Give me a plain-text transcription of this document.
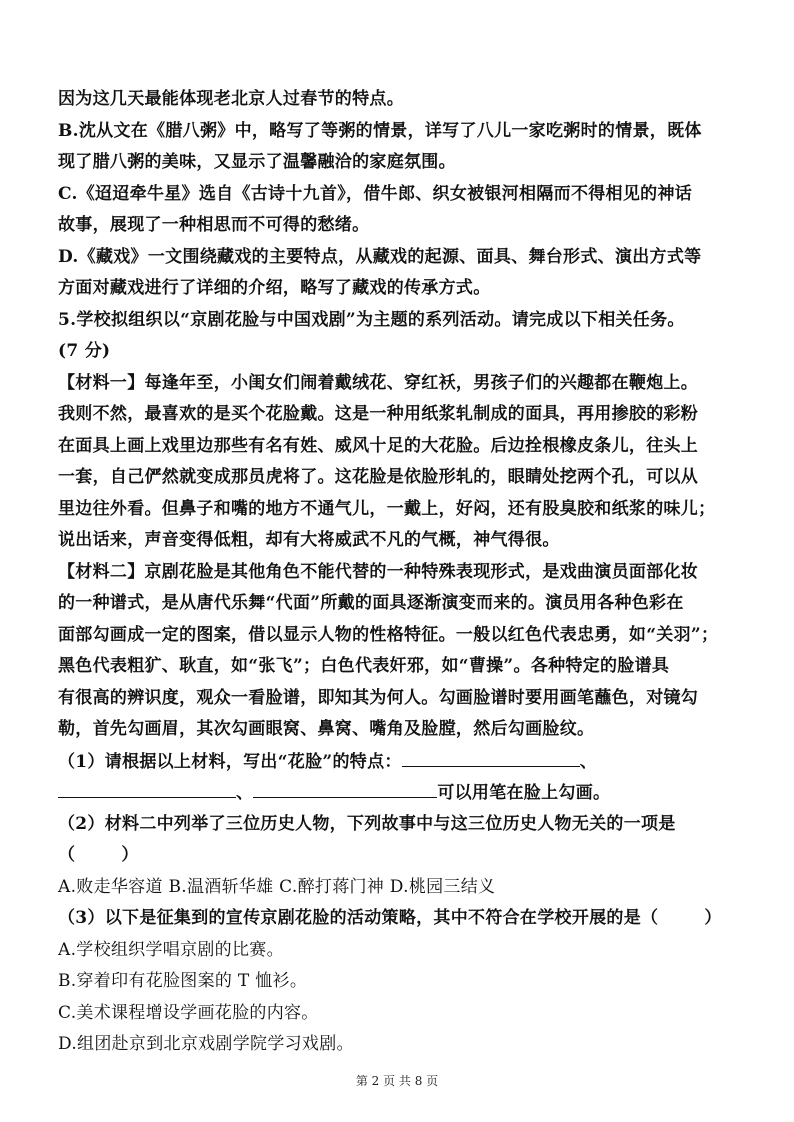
因为这几天最能体现老北京人过春节的特点。
B.沈从文在《腊八粥》中，略写了等粥的情景，详写了八儿一家吃粥时的情景，既体
现了腊八粥的美味，又显示了温馨融洽的家庭氛围。
C.《迢迢牵牛星》选自《古诗十九首》，借牛郎、织女被银河相隔而不得相见的神话
故事，展现了一种相思而不可得的愁绪。
D.《藏戏》一文围绕藏戏的主要特点，从藏戏的起源、面具、舞台形式、演出方式等
方面对藏戏进行了详细的介绍，略写了藏戏的传承方式。
5.学校拟组织以“京剧花脸与中国戏剧”为主题的系列活动。请完成以下相关任务。
(7 分)
【材料一】每逢年至，小闺女们闹着戴绒花、穿红袄，男孩子们的兴趣都在鞭炮上。
我则不然，最喜欢的是买个花脸戴。这是一种用纸浆轧制成的面具，再用掺胶的彩粉
在面具上画上戏里边那些有名有姓、威风十足的大花脸。后边拴根橡皮条儿，往头上
一套，自己俨然就变成那员虎将了。这花脸是依脸形轧的，眼睛处挖两个孔，可以从
里边往外看。但鼻子和嘴的地方不通气儿，一戴上，好闷，还有股臭胶和纸浆的味儿；
说出话来，声音变得低粗，却有大将威武不凡的气概，神气得很。
【材料二】京剧花脸是其他角色不能代替的一种特殊表现形式，是戏曲演员面部化妆
的一种谱式，是从唐代乐舞“代面”所戴的面具逐渐演变而来的。演员用各种色彩在
面部勾画成一定的图案，借以显示人物的性格特征。一般以红色代表忠勇，如“关羽”；
黑色代表粗犷、耿直，如“张飞”；白色代表奸邪，如“曹操”。各种特定的脸谱具
有很高的辨识度，观众一看脸谱，即知其为何人。勾画脸谱时要用画笔蘸色，对镜勾
勒，首先勾画眉，其次勾画眼窝、鼻窝、嘴角及脸膛，然后勾画脸纹。
（1）请根据以上材料，写出“花脸”的特点：	、
、	可以用笔在脸上勾画。
（2）材料二中列举了三位历史人物，下列故事中与这三位历史人物无关的一项是
（	）
A.败走华容道 B.温酒斩华雄 C.醉打蒋门神 D.桃园三结义
（3）以下是征集到的宣传京剧花脸的活动策略，其中不符合在学校开展的是（	）
A.学校组织学唱京剧的比赛。
B.穿着印有花脸图案的 T 恤衫。
C.美术课程增设学画花脸的内容。
D.组团赴京到北京戏剧学院学习戏剧。
第 2 页 共 8 页
